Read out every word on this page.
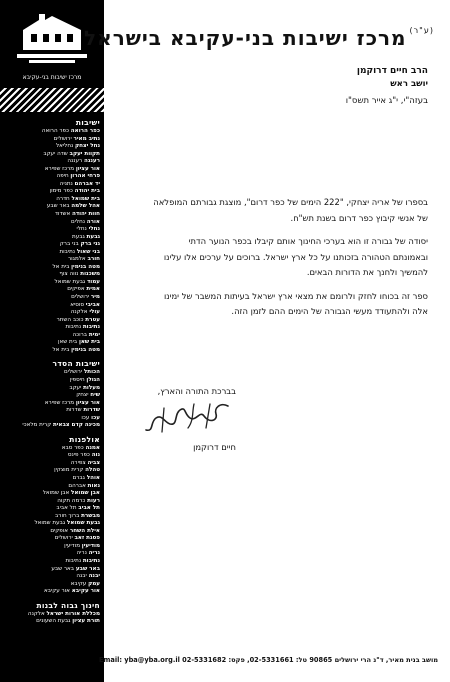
מרכז ישיבות בני-עקיבא
ישיבות
כפר הרואה כפר הרואה
נתיב מאיר ירושלים
נחל יצחק נחליאל
תקוות יעקב שדה יעקב
רעננה רעננה
אור עציון מרכז שפירא
פרחי אהרון חיפה
יד אברהם נתניה
בית יהודה כפר מימון
בית שמואל חדרה
אהל שלמה באר שבע
חוות יהודה אשדוד
אורה נחלים
נחלי נחלי
גבעת גבעת
גני ברק בני ברק
בני שאול נתיבות
חורב אלמגור
מטה בנימין בית אל
משכנות נווה צוף
עמוד גבעת שמואל
אמית אפיקים
מיר ירושלים
אביבי סוסיא
עולי אלקנה
עטרת כוכב השחר
נתיבות נתיבות
ימית ברוכה
בית שאן בית שאן
מטה בנימין בית אל
ישיבות הסדר
הכותל ירושלים
הגולן חיספין
מעלות יעקב
שיח יצחק
אור עציון מרכז שפירא
שדרות שדרות
עכו עכו
מכינה קדם צבאית קרית מלאכי
אולפנות
אמנה כפר סבא
נוה כפר פינס
צביה צפירה
טהלה קרית מוצקין
אוהל גברם
נאות אברהם
אבן שמואל אבן שמואל
רעות כרמה תקוה
תל אביב תל אביב
מבשרת ברוך חורב
גבעת שמואל גבעת שמואל
אילת השחר אופקים
פסגת זאב ירושלים
מודיעין מודיעין
נריה נריה
נתיבות נתיבות
באר שבע באר שבע
יבנה יבנה
עמק עקיבא
אור עקיבא אור עקיבא
חינוך גבוה לבנות
מכללת אורות ישראל אלקנה
תורת עציון גבעת השעונים
$^{(ע"ר)}$מרכז ישיבות בני-עקיבא בישראל
הרב חיים דרוקמן
יושב ראש
בעזה"י, י"ג אייר תשס"ו
בספרו של אריה יצחקי, "222 הימים של כפר דרום", מוצגת גבורתם המופלאה
של אנשי קיבוץ כפר דרום בשנת תש"ח.
יסודה של גבורה זו הוא בערכי החינוך אותם קיבלו בכפר הנוער הדתי
ובאמונתם הטהורה בזכותנו על כל ארץ ישראל. ברוכים על ערכים אלו עלינו
להמשיך ולחנך את הדורות הבאים.
ספר זה בכוחו לחזק ולרומם את מצאי ארץ ישראל בעיתות המשבר של ימינו
אלה ולהתעודד מעשי הגבורה של הימים ההם לזמן הזה.
בברכת התורה והארץ,
חיים דרוקמן
מושב בנית מאיר, ד"נ הרי ירושלים 90865 טל: 02-5331661, פקס: 02-5331682 Email: yba@yba.org.il
